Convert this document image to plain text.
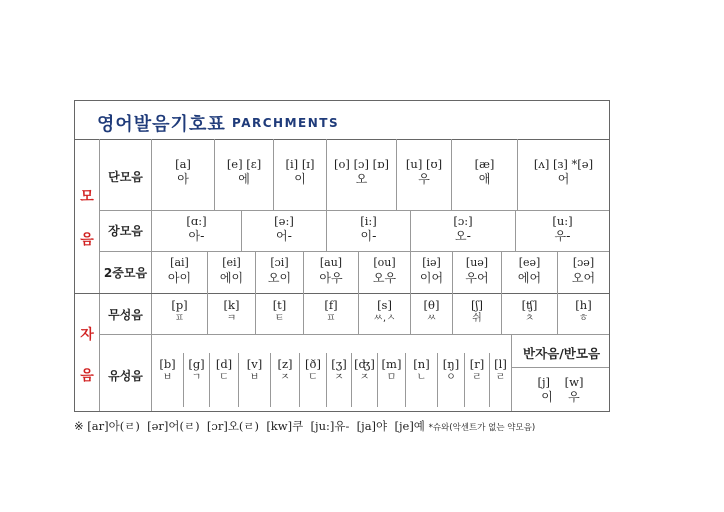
영어발음기호표 PARCHMENTS
모
음
자
음
단모음
장모음
2중모음
무성음
유성음
[a]
아
[e] [ɛ]
에
[i] [ɪ]
이
[o] [ɔ] [ɒ]
오
[u] [ʊ]
우
[æ]
애
[ʌ] [ɜ] *[ə]
어
[ɑ:]
아-
[ə:]
어-
[i:]
이-
[ɔ:]
오-
[u:]
우-
[ai]
아이
[ei]
에이
[ɔi]
오이
[au]
아우
[ou]
오우
[iə]
이어
[uə]
우어
[eə]
에어
[ɔə]
오어
[p]
ㅍ
[k]
ㅋ
[t]
ㅌ
[f]
ㅍ
[s]
ㅆ,ㅅ
[θ]
ㅆ
[ʃ]
쉬
[ʧ]
ㅊ
[h]
ㅎ
[b]
ㅂ
[g]
ㄱ
[d]
ㄷ
[v]
ㅂ
[z]
ㅈ
[ð]
ㄷ
[ʒ]
ㅈ
[ʤ]
ㅈ
[m]
ㅁ
[n]
ㄴ
[ŋ]
ㅇ
[r]
ㄹ
[l]
ㄹ
반자음/반모음
[j]    [w]
이    우
※ [ar]아(ㄹ)  [ər]어(ㄹ)  [ɔr]오(ㄹ)  [kw]쿠  [ju:]유-  [ja]야  [je]예 *슈와(악센트가 없는 약모음)
